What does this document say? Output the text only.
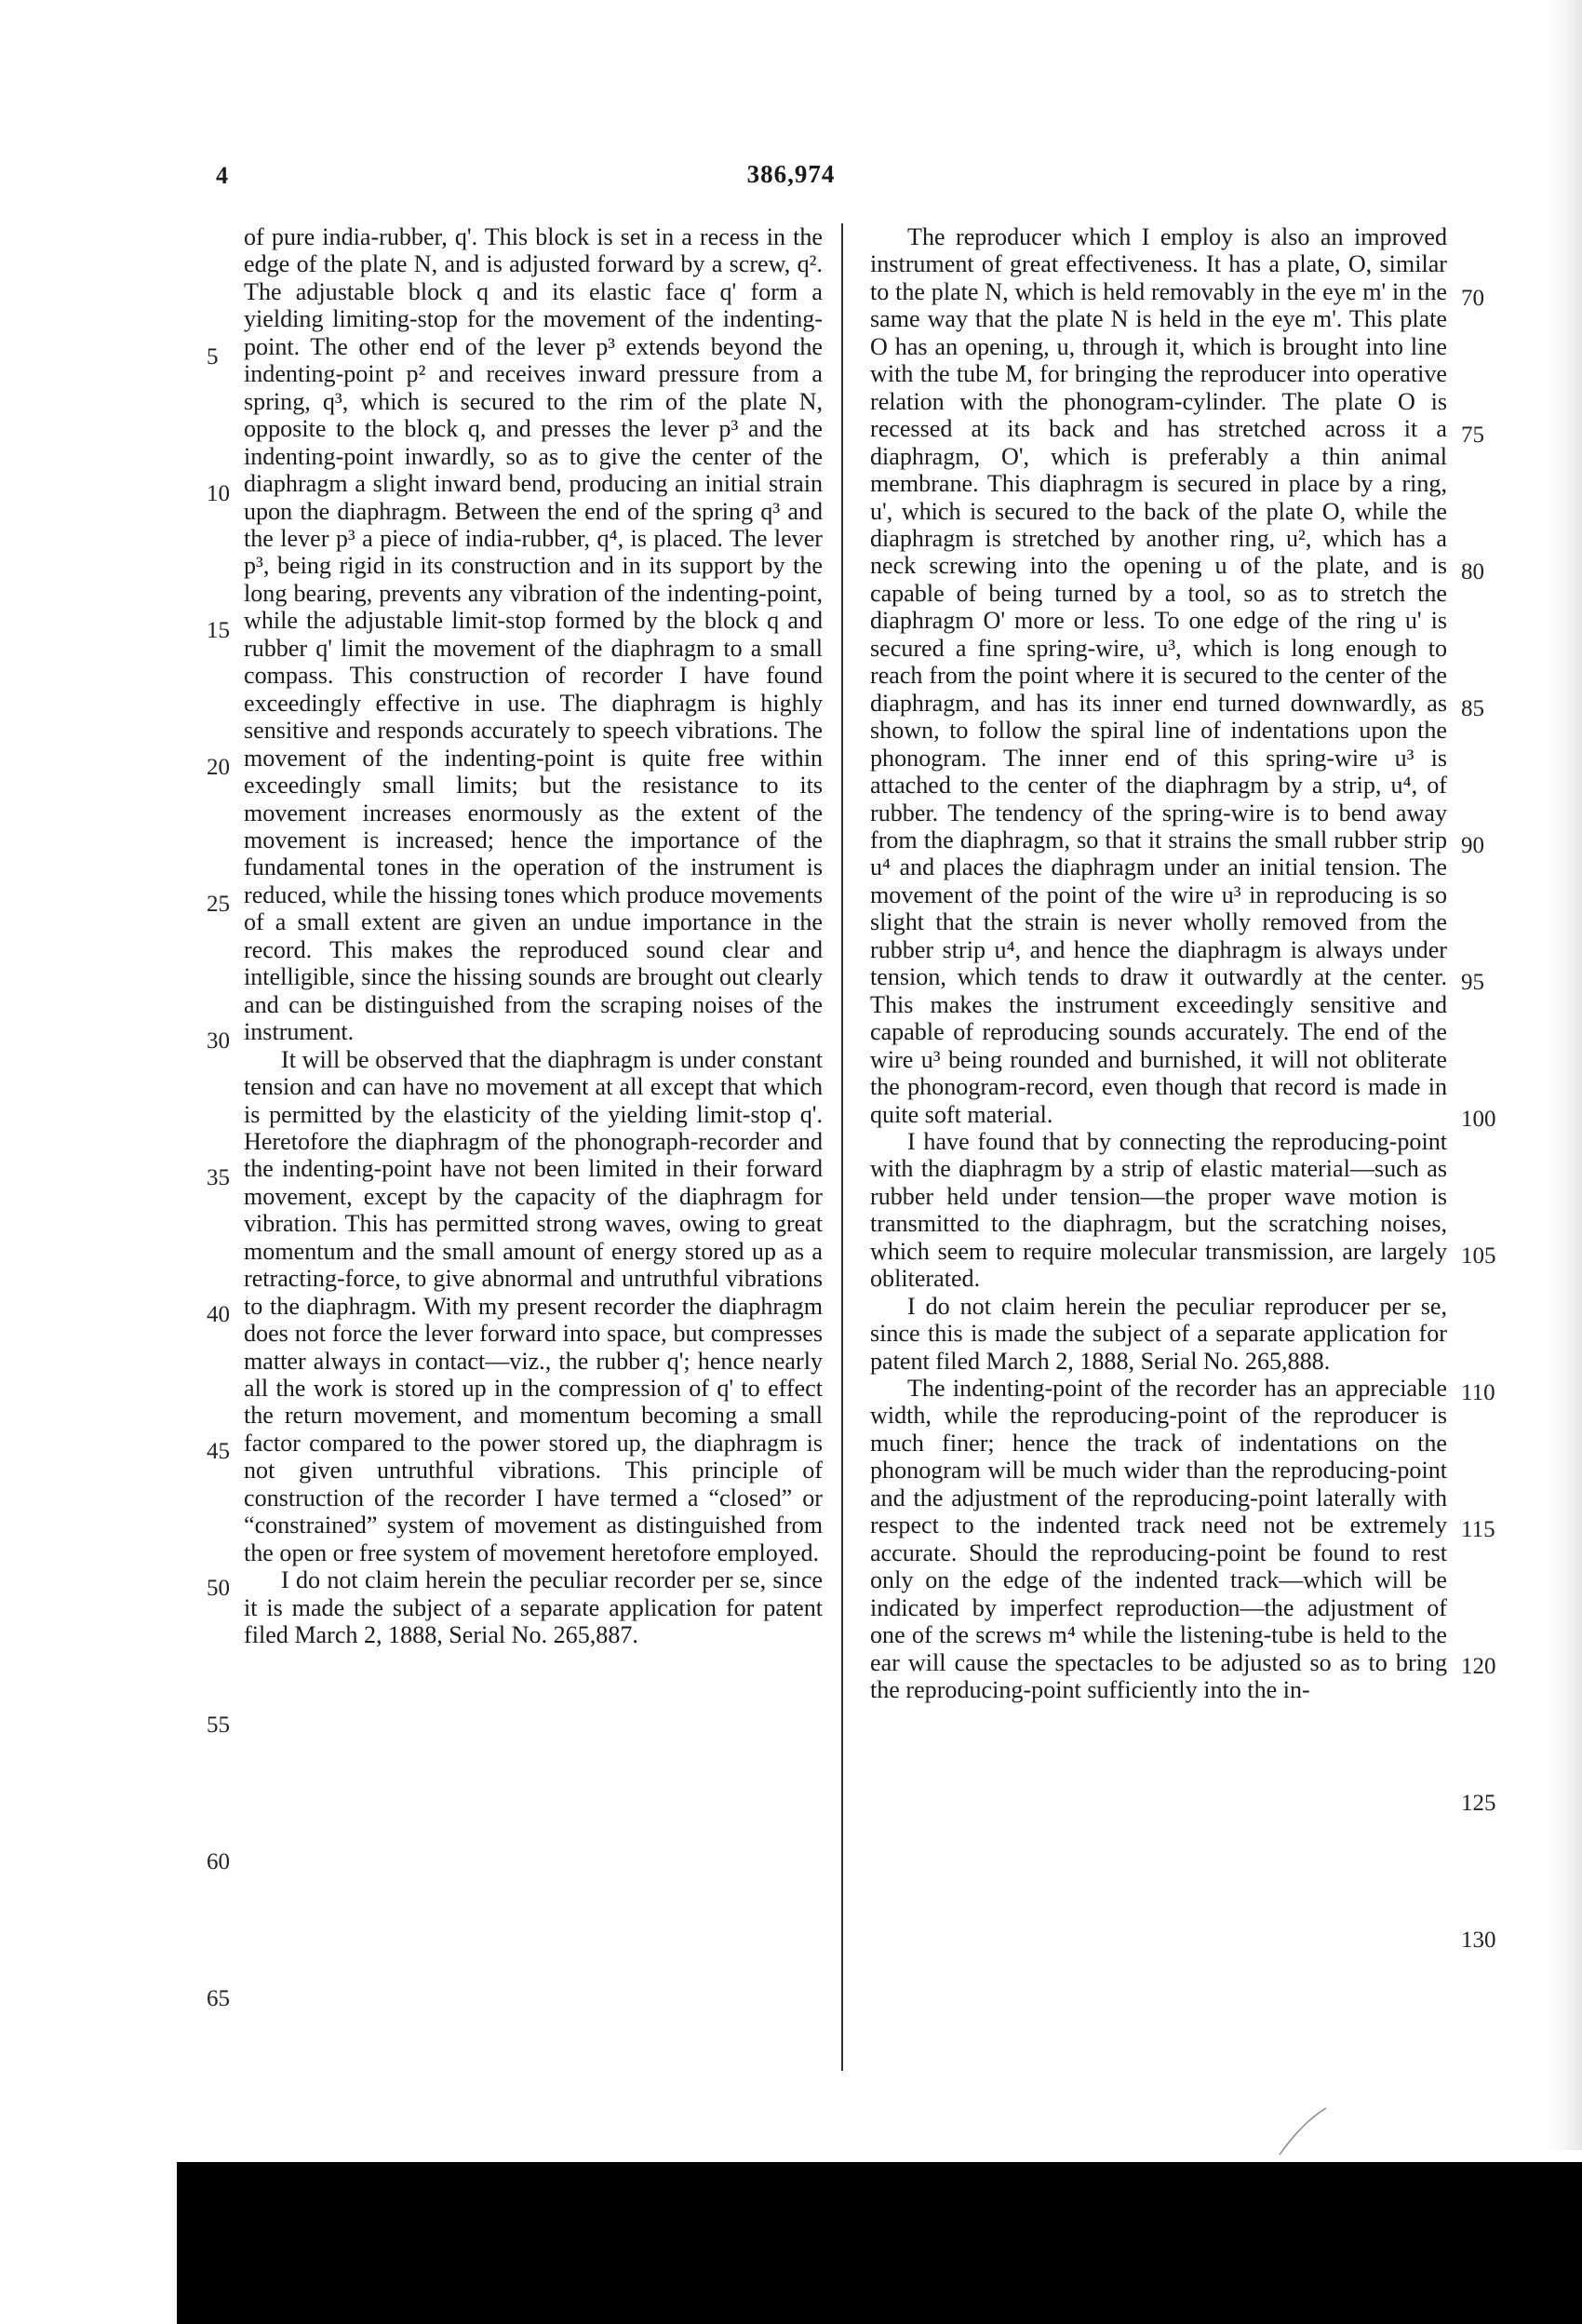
4	386,974

of pure india-rubber, q'. This block is set in a recess in the edge of the plate N, and is adjusted forward by a screw, q². The adjustable block q and its elastic face q' form a yielding limiting-stop for the movement of the indenting-point. The other end of the lever p³ extends beyond the indenting-point p² and receives inward pressure from a spring, q³, which is secured to the rim of the plate N, opposite to the block q, and presses the lever p³ and the indenting-point inwardly, so as to give the center of the diaphragm a slight inward bend, producing an initial strain upon the diaphragm. Between the end of the spring q³ and the lever p³ a piece of india-rubber, q⁴, is placed. The lever p³, being rigid in its construction and in its support by the long bearing, prevents any vibration of the indenting-point, while the adjustable limit-stop formed by the block q and rubber q' limit the movement of the diaphragm to a small compass. This construction of recorder I have found exceedingly effective in use. The diaphragm is highly sensitive and responds accurately to speech vibrations. The movement of the indenting-point is quite free within exceedingly small limits; but the resistance to its movement increases enormously as the extent of the movement is increased; hence the importance of the fundamental tones in the operation of the instrument is reduced, while the hissing tones which produce movements of a small extent are given an undue importance in the record. This makes the reproduced sound clear and intelligible, since the hissing sounds are brought out clearly and can be distinguished from the scraping noises of the instrument.

It will be observed that the diaphragm is under constant tension and can have no movement at all except that which is permitted by the elasticity of the yielding limit-stop q'. Heretofore the diaphragm of the phonograph-recorder and the indenting-point have not been limited in their forward movement, except by the capacity of the diaphragm for vibration. This has permitted strong waves, owing to great momentum and the small amount of energy stored up as a retracting-force, to give abnormal and untruthful vibrations to the diaphragm. With my present recorder the diaphragm does not force the lever forward into space, but compresses matter always in contact—viz., the rubber q'; hence nearly all the work is stored up in the compression of q' to effect the return movement, and momentum becoming a small factor compared to the power stored up, the diaphragm is not given untruthful vibrations. This principle of construction of the recorder I have termed a “closed” or “constrained” system of movement as distinguished from the open or free system of movement heretofore employed.

I do not claim herein the peculiar recorder per se, since it is made the subject of a separate application for patent filed March 2, 1888, Serial No. 265,887.

The reproducer which I employ is also an improved instrument of great effectiveness. It has a plate, O, similar to the plate N, which is held removably in the eye m' in the same way that the plate N is held in the eye m'. This plate O has an opening, u, through it, which is brought into line with the tube M, for bringing the reproducer into operative relation with the phonogram-cylinder. The plate O is recessed at its back and has stretched across it a diaphragm, O', which is preferably a thin animal membrane. This diaphragm is secured in place by a ring, u', which is secured to the back of the plate O, while the diaphragm is stretched by another ring, u², which has a neck screwing into the opening u of the plate, and is capable of being turned by a tool, so as to stretch the diaphragm O' more or less. To one edge of the ring u' is secured a fine spring-wire, u³, which is long enough to reach from the point where it is secured to the center of the diaphragm, and has its inner end turned downwardly, as shown, to follow the spiral line of indentations upon the phonogram. The inner end of this spring-wire u³ is attached to the center of the diaphragm by a strip, u⁴, of rubber. The tendency of the spring-wire is to bend away from the diaphragm, so that it strains the small rubber strip u⁴ and places the diaphragm under an initial tension. The movement of the point of the wire u³ in reproducing is so slight that the strain is never wholly removed from the rubber strip u⁴, and hence the diaphragm is always under tension, which tends to draw it outwardly at the center. This makes the instrument exceedingly sensitive and capable of reproducing sounds accurately. The end of the wire u³ being rounded and burnished, it will not obliterate the phonogram-record, even though that record is made in quite soft material.

I have found that by connecting the reproducing-point with the diaphragm by a strip of elastic material—such as rubber held under tension—the proper wave motion is transmitted to the diaphragm, but the scratching noises, which seem to require molecular transmission, are largely obliterated.

I do not claim herein the peculiar reproducer per se, since this is made the subject of a separate application for patent filed March 2, 1888, Serial No. 265,888.

The indenting-point of the recorder has an appreciable width, while the reproducing-point of the reproducer is much finer; hence the track of indentations on the phonogram will be much wider than the reproducing-point and the adjustment of the reproducing-point laterally with respect to the indented track need not be extremely accurate. Should the reproducing-point be found to rest only on the edge of the indented track—which will be indicated by imperfect reproduction—the adjustment of one of the screws m⁴ while the listening-tube is held to the ear will cause the spectacles to be adjusted so as to bring the reproducing-point sufficiently into the in-

5
10
15
20
25
30
35
40
45
50
55
60
65
70
75
80
85
90
95
100
105
110
115
120
125
130
